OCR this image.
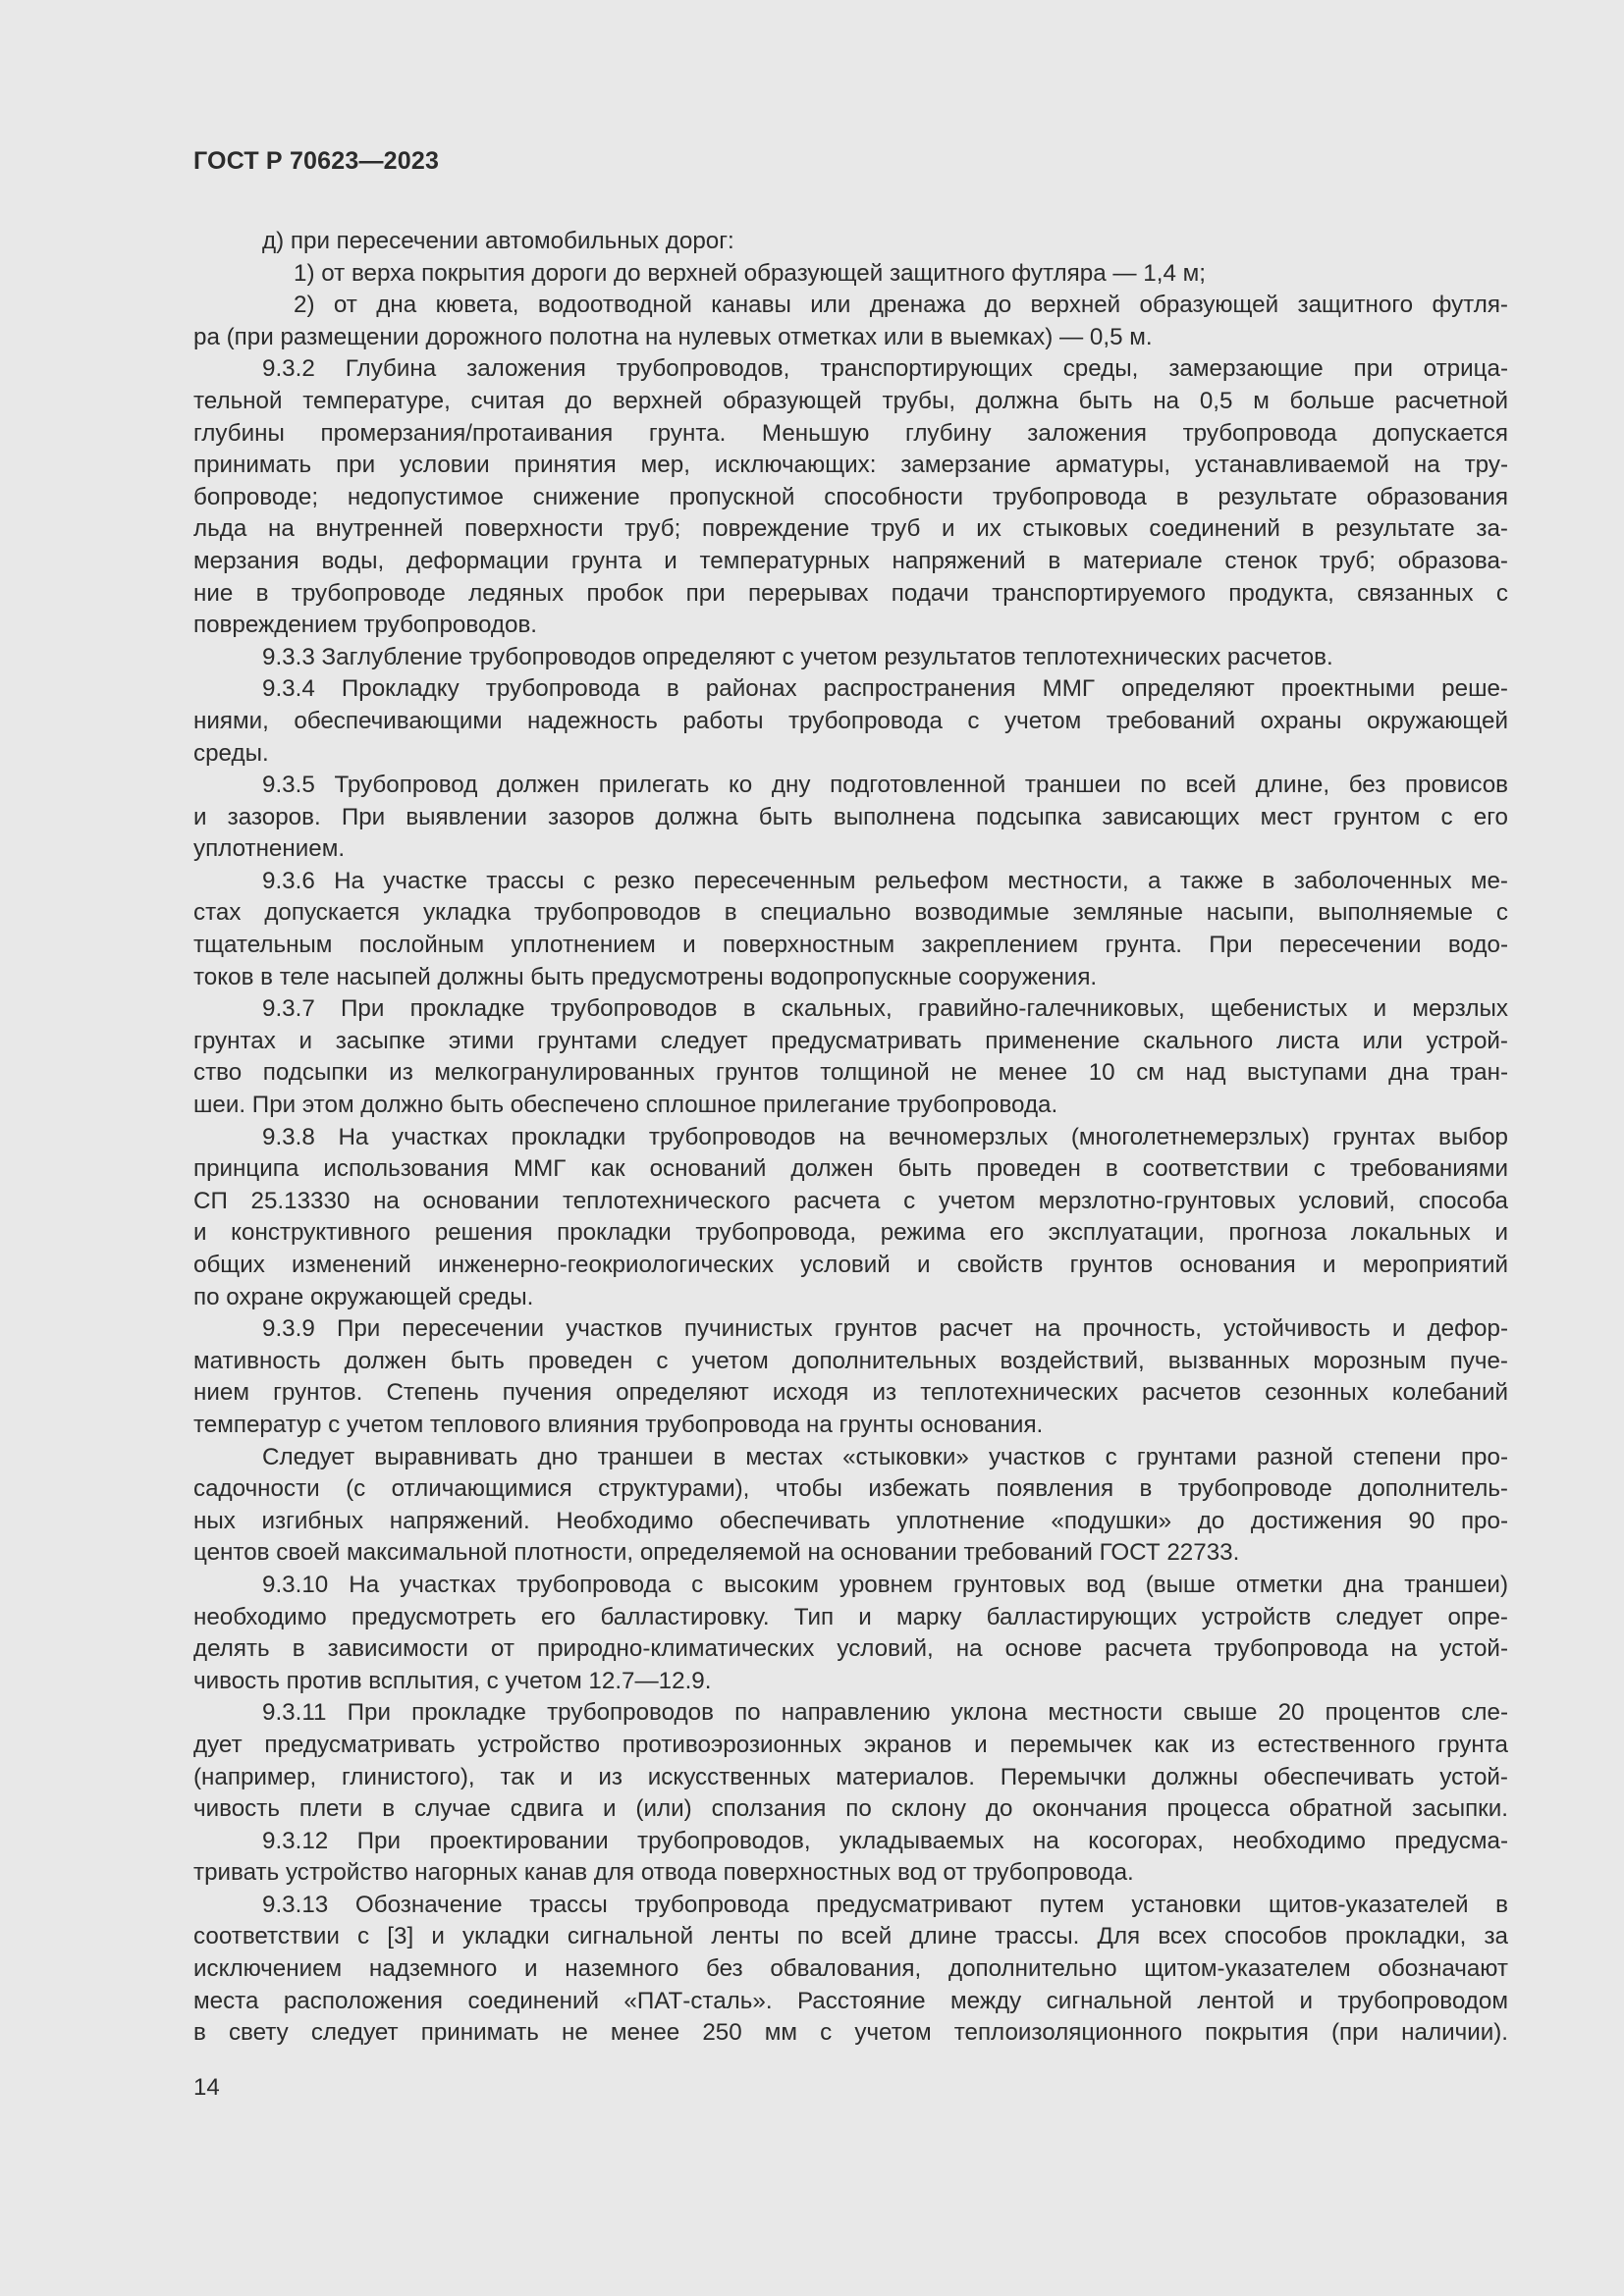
ГОСТ Р 70623—2023
д) при пересечении автомобильных дорог:
1) от верха покрытия дороги до верхней образующей защитного футляра — 1,4 м;
2) от дна кювета, водоотводной канавы или дренажа до верхней образующей защитного футля-
ра (при размещении дорожного полотна на нулевых отметках или в выемках) — 0,5 м.
9.3.2 Глубина заложения трубопроводов, транспортирующих среды, замерзающие при отрица-
тельной температуре, считая до верхней образующей трубы, должна быть на 0,5 м больше расчетной
глубины промерзания/протаивания грунта. Меньшую глубину заложения трубопровода допускается
принимать при условии принятия мер, исключающих: замерзание арматуры, устанавливаемой на тру-
бопроводе; недопустимое снижение пропускной способности трубопровода в результате образования
льда на внутренней поверхности труб; повреждение труб и их стыковых соединений в результате за-
мерзания воды, деформации грунта и температурных напряжений в материале стенок труб; образова-
ние в трубопроводе ледяных пробок при перерывах подачи транспортируемого продукта, связанных с
повреждением трубопроводов.
9.3.3 Заглубление трубопроводов определяют с учетом результатов теплотехнических расчетов.
9.3.4 Прокладку трубопровода в районах распространения ММГ определяют проектными реше-
ниями, обеспечивающими надежность работы трубопровода с учетом требований охраны окружающей
среды.
9.3.5 Трубопровод должен прилегать ко дну подготовленной траншеи по всей длине, без провисов
и зазоров. При выявлении зазоров должна быть выполнена подсыпка зависающих мест грунтом с его
уплотнением.
9.3.6 На участке трассы с резко пересеченным рельефом местности, а также в заболоченных ме-
стах допускается укладка трубопроводов в специально возводимые земляные насыпи, выполняемые с
тщательным послойным уплотнением и поверхностным закреплением грунта. При пересечении водо-
токов в теле насыпей должны быть предусмотрены водопропускные сооружения.
9.3.7 При прокладке трубопроводов в скальных, гравийно-галечниковых, щебенистых и мерзлых
грунтах и засыпке этими грунтами следует предусматривать применение скального листа или устрой-
ство подсыпки из мелкогранулированных грунтов толщиной не менее 10 см над выступами дна тран-
шеи. При этом должно быть обеспечено сплошное прилегание трубопровода.
9.3.8 На участках прокладки трубопроводов на вечномерзлых (многолетнемерзлых) грунтах выбор
принципа использования ММГ как оснований должен быть проведен в соответствии с требованиями
СП 25.13330 на основании теплотехнического расчета с учетом мерзлотно-грунтовых условий, способа
и конструктивного решения прокладки трубопровода, режима его эксплуатации, прогноза локальных и
общих изменений инженерно-геокриологических условий и свойств грунтов основания и мероприятий
по охране окружающей среды.
9.3.9 При пересечении участков пучинистых грунтов расчет на прочность, устойчивость и дефор-
мативность должен быть проведен с учетом дополнительных воздействий, вызванных морозным пуче-
нием грунтов. Степень пучения определяют исходя из теплотехнических расчетов сезонных колебаний
температур с учетом теплового влияния трубопровода на грунты основания.
Следует выравнивать дно траншеи в местах «стыковки» участков с грунтами разной степени про-
садочности (с отличающимися структурами), чтобы избежать появления в трубопроводе дополнитель-
ных изгибных напряжений. Необходимо обеспечивать уплотнение «подушки» до достижения 90 про-
центов своей максимальной плотности, определяемой на основании требований ГОСТ 22733.
9.3.10 На участках трубопровода с высоким уровнем грунтовых вод (выше отметки дна траншеи)
необходимо предусмотреть его балластировку. Тип и марку балластирующих устройств следует опре-
делять в зависимости от природно-климатических условий, на основе расчета трубопровода на устой-
чивость против всплытия, с учетом 12.7—12.9.
9.3.11 При прокладке трубопроводов по направлению уклона местности свыше 20 процентов сле-
дует предусматривать устройство противоэрозионных экранов и перемычек как из естественного грунта
(например, глинистого), так и из искусственных материалов. Перемычки должны обеспечивать устой-
чивость плети в случае сдвига и (или) сползания по склону до окончания процесса обратной засыпки.
9.3.12 При проектировании трубопроводов, укладываемых на косогорах, необходимо предусма-
тривать устройство нагорных канав для отвода поверхностных вод от трубопровода.
9.3.13 Обозначение трассы трубопровода предусматривают путем установки щитов-указателей в
соответствии с [3] и укладки сигнальной ленты по всей длине трассы. Для всех способов прокладки, за
исключением надземного и наземного без обвалования, дополнительно щитом-указателем обозначают
места расположения соединений «ПАТ-сталь». Расстояние между сигнальной лентой и трубопроводом
в свету следует принимать не менее 250 мм с учетом теплоизоляционного покрытия (при наличии).
14
